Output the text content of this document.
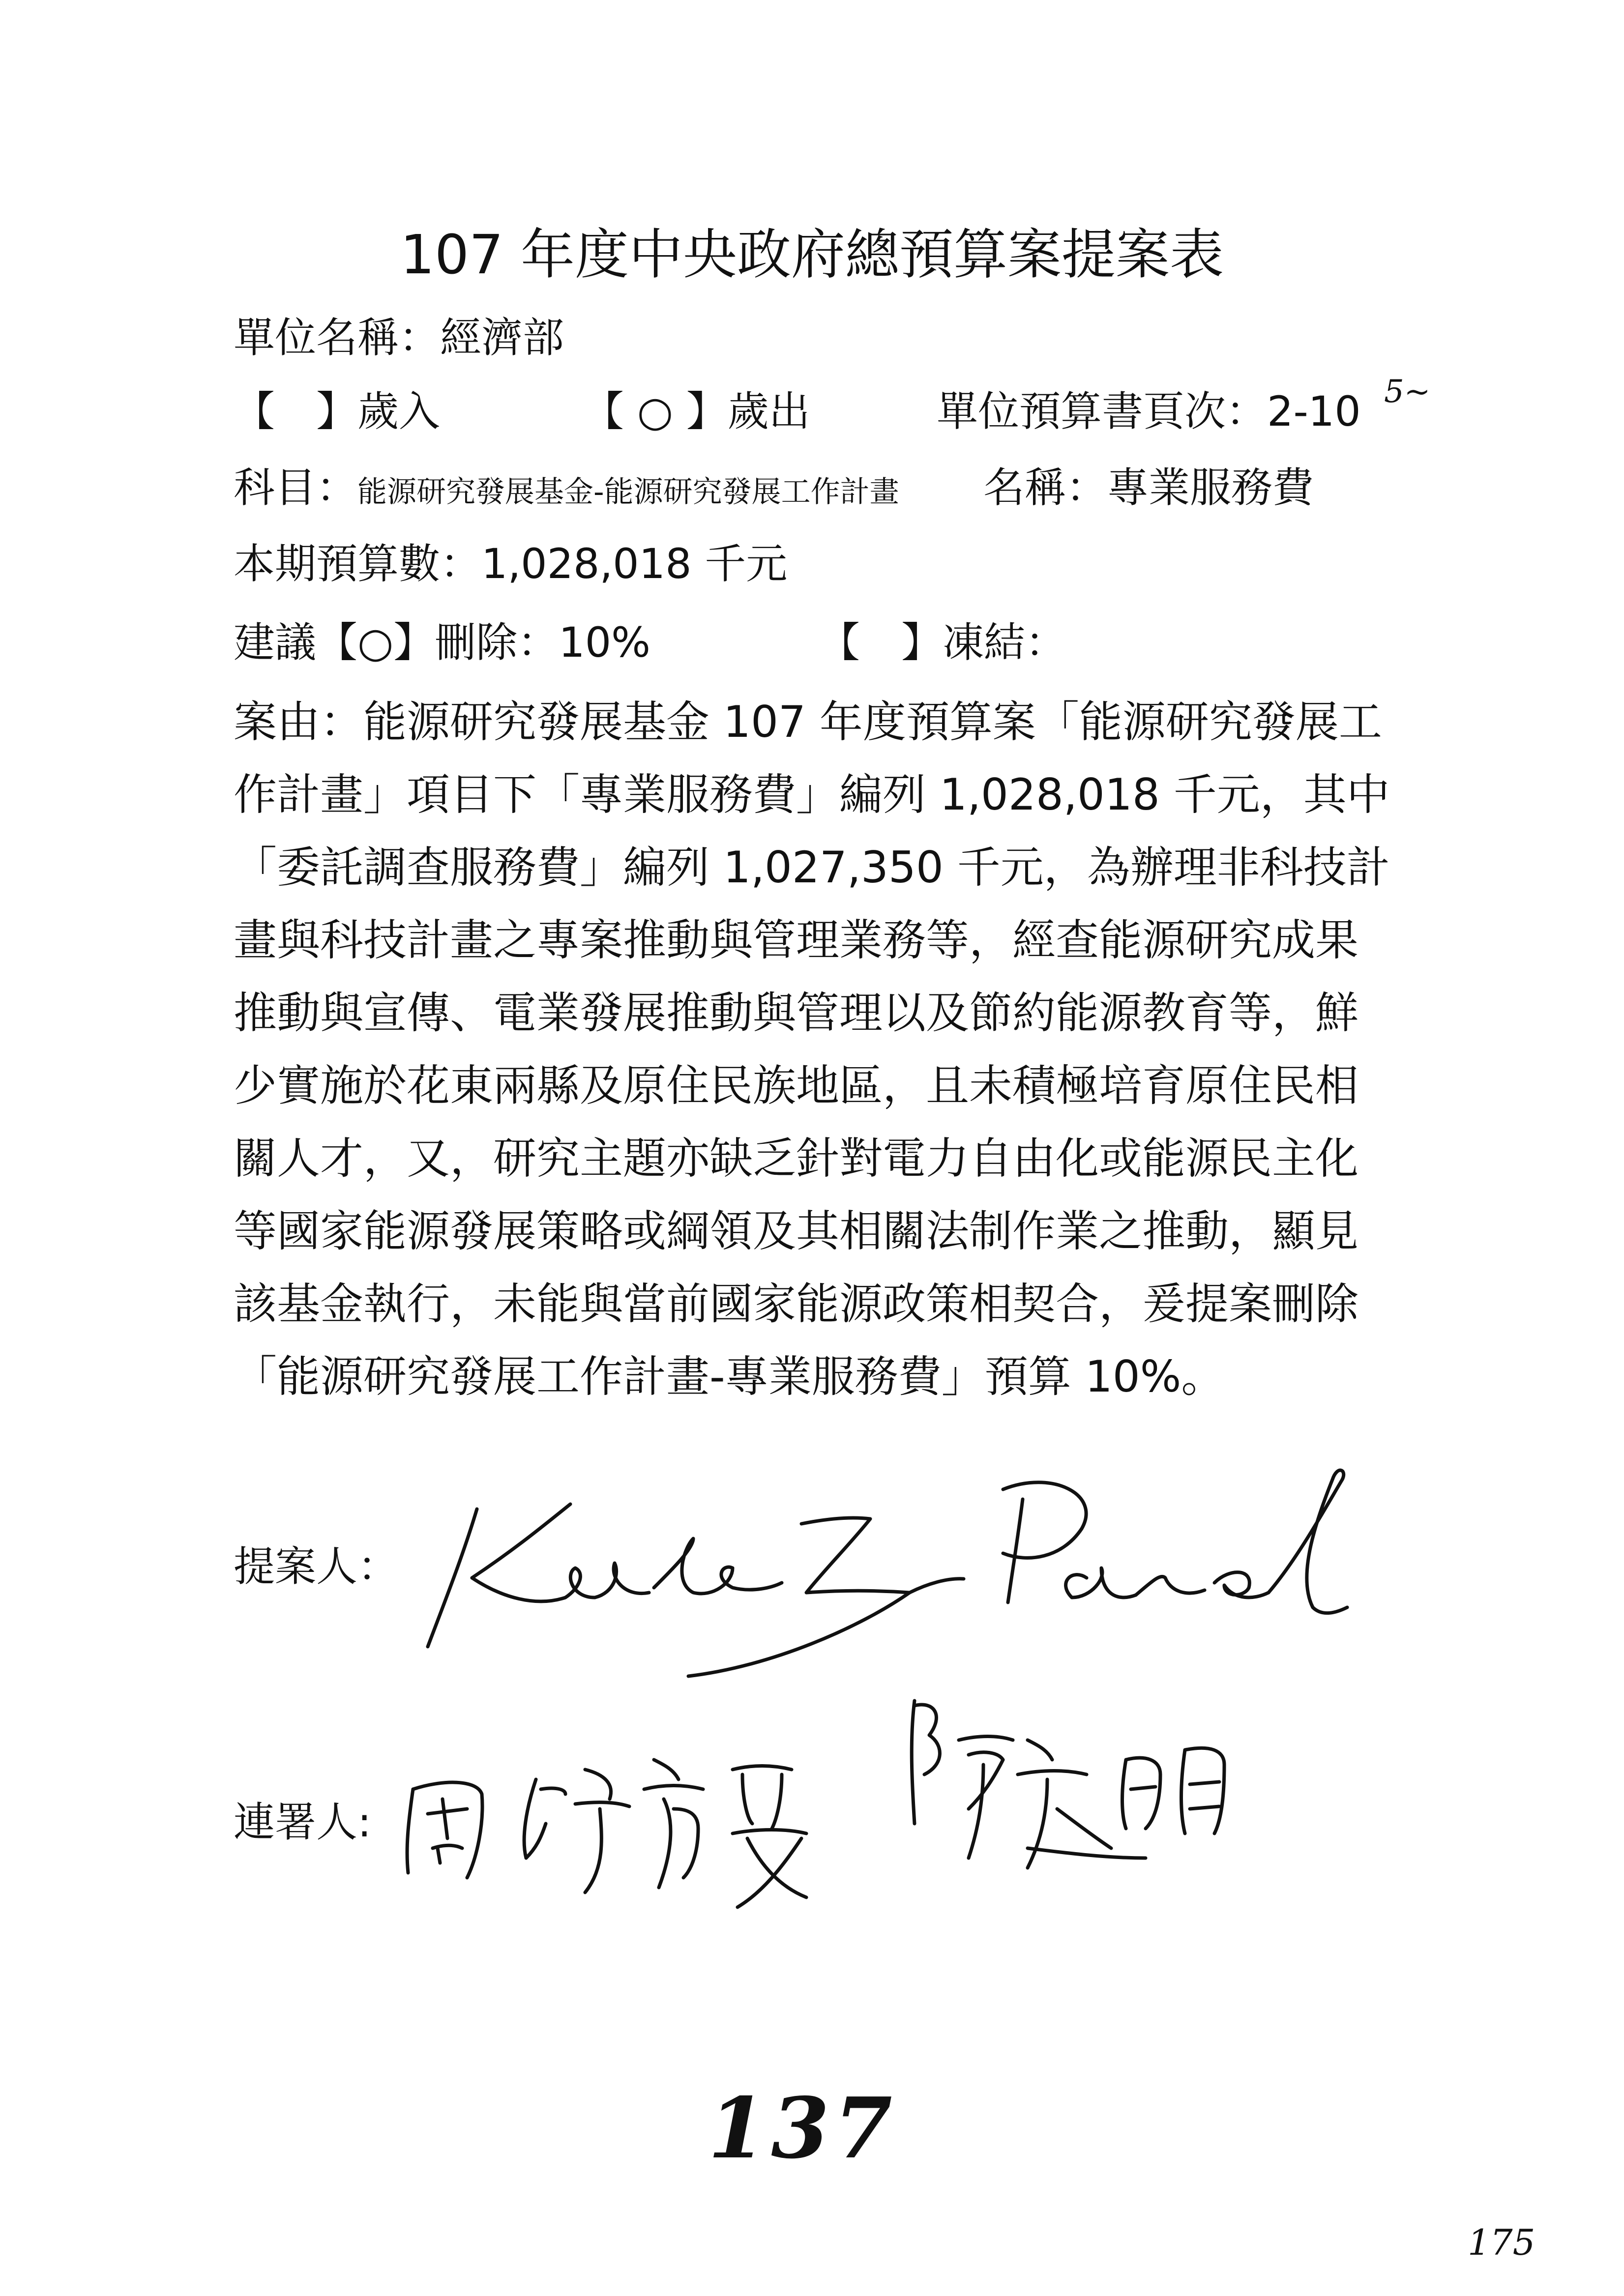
107 年度中央政府總預算案提案表
單位名稱：經濟部
【　】歲入	【 ○ 】歲出	單位預算書頁次：2-10 5~
科目：能源研究發展基金-能源研究發展工作計畫 名稱：專業服務費
本期預算數：1,028,018 千元
建議【○】刪除：10%	【　】凍結：
案由：能源研究發展基金 107 年度預算案「能源研究發展工
作計畫」項目下「專業服務費」編列 1,028,018 千元，其中
「委託調查服務費」編列 1,027,350 千元，為辦理非科技計
畫與科技計畫之專案推動與管理業務等，經查能源研究成果
推動與宣傳、電業發展推動與管理以及節約能源教育等，鮮
少實施於花東兩縣及原住民族地區，且未積極培育原住民相
關人才，又，研究主題亦缺乏針對電力自由化或能源民主化
等國家能源發展策略或綱領及其相關法制作業之推動，顯見
該基金執行，未能與當前國家能源政策相契合，爰提案刪除
「能源研究發展工作計畫-專業服務費」預算 10%。
提案人：
連署人:
137
175
